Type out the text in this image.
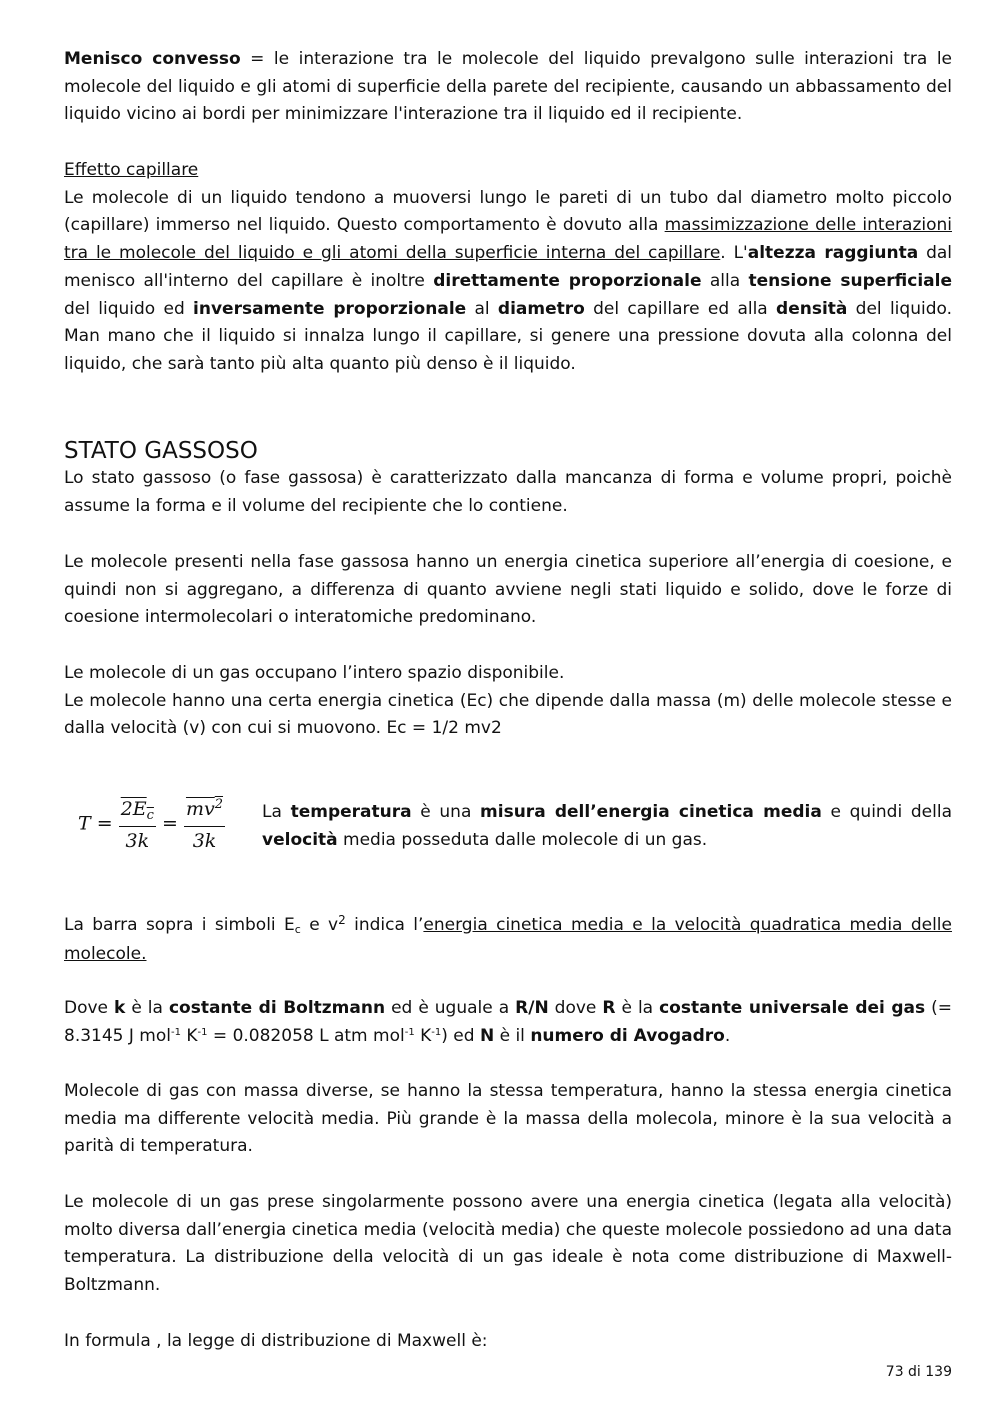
Menisco convesso = le interazione tra le molecole del liquido prevalgono sulle interazioni tra le molecole del liquido e gli atomi di superficie della parete del recipiente, causando un abbassamento del liquido vicino ai bordi per minimizzare l'interazione tra il liquido ed il recipiente.

Effetto capillare

Le molecole di un liquido tendono a muoversi lungo le pareti di un tubo dal diametro molto piccolo (capillare) immerso nel liquido. Questo comportamento è dovuto alla massimizzazione delle interazioni tra le molecole del liquido e gli atomi della superficie interna del capillare. L'altezza raggiunta dal menisco all'interno del capillare è inoltre direttamente proporzionale alla tensione superficiale del liquido ed inversamente proporzionale al diametro del capillare ed alla densità del liquido. Man mano che il liquido si innalza lungo il capillare, si genere una pressione dovuta alla colonna del liquido, che sarà tanto più alta quanto più denso è il liquido.

STATO GASSOSO

Lo stato gassoso (o fase gassosa) è caratterizzato dalla mancanza di forma e volume propri, poichè assume la forma e il volume del recipiente che lo contiene.

Le molecole presenti nella fase gassosa hanno un energia cinetica superiore all’energia di coesione, e quindi non si aggregano, a differenza di quanto avviene negli stati liquido e solido, dove le forze di coesione intermolecolari o interatomiche predominano.

Le molecole di un gas occupano l’intero spazio disponibile.

Le molecole hanno una certa energia cinetica (Ec) che dipende dalla massa (m) delle molecole stesse e dalla velocità (v) con cui si muovono. Ec = 1/2 mv2

$T = \frac{2E_c}{3k} = \frac{mv^2}{3k}$ La temperatura è una misura dell’energia cinetica media e quindi della velocità media posseduta dalle molecole di un gas.

La barra sopra i simboli Ec e $v^2$ indica l’energia cinetica media e la velocità quadratica media delle molecole.

Dove k è la costante di Boltzmann ed è uguale a R/N dove R è la costante universale dei gas (= 8.3145 J mol$^{-1}$ $K^{-1} = 0.082058$ L atm mol$^{-1}$ $K^{-1}$) ed N è il numero di Avogadro.

Molecole di gas con massa diverse, se hanno la stessa temperatura, hanno la stessa energia cinetica media ma differente velocità media. Più grande è la massa della molecola, minore è la sua velocità a parità di temperatura.

Le molecole di un gas prese singolarmente possono avere una energia cinetica (legata alla velocità) molto diversa dall’energia cinetica media (velocità media) che queste molecole possiedono ad una data temperatura. La distribuzione della velocità di un gas ideale è nota come distribuzione di Maxwell-Boltzmann.

In formula , la legge di distribuzione di Maxwell è:

73 di 139
